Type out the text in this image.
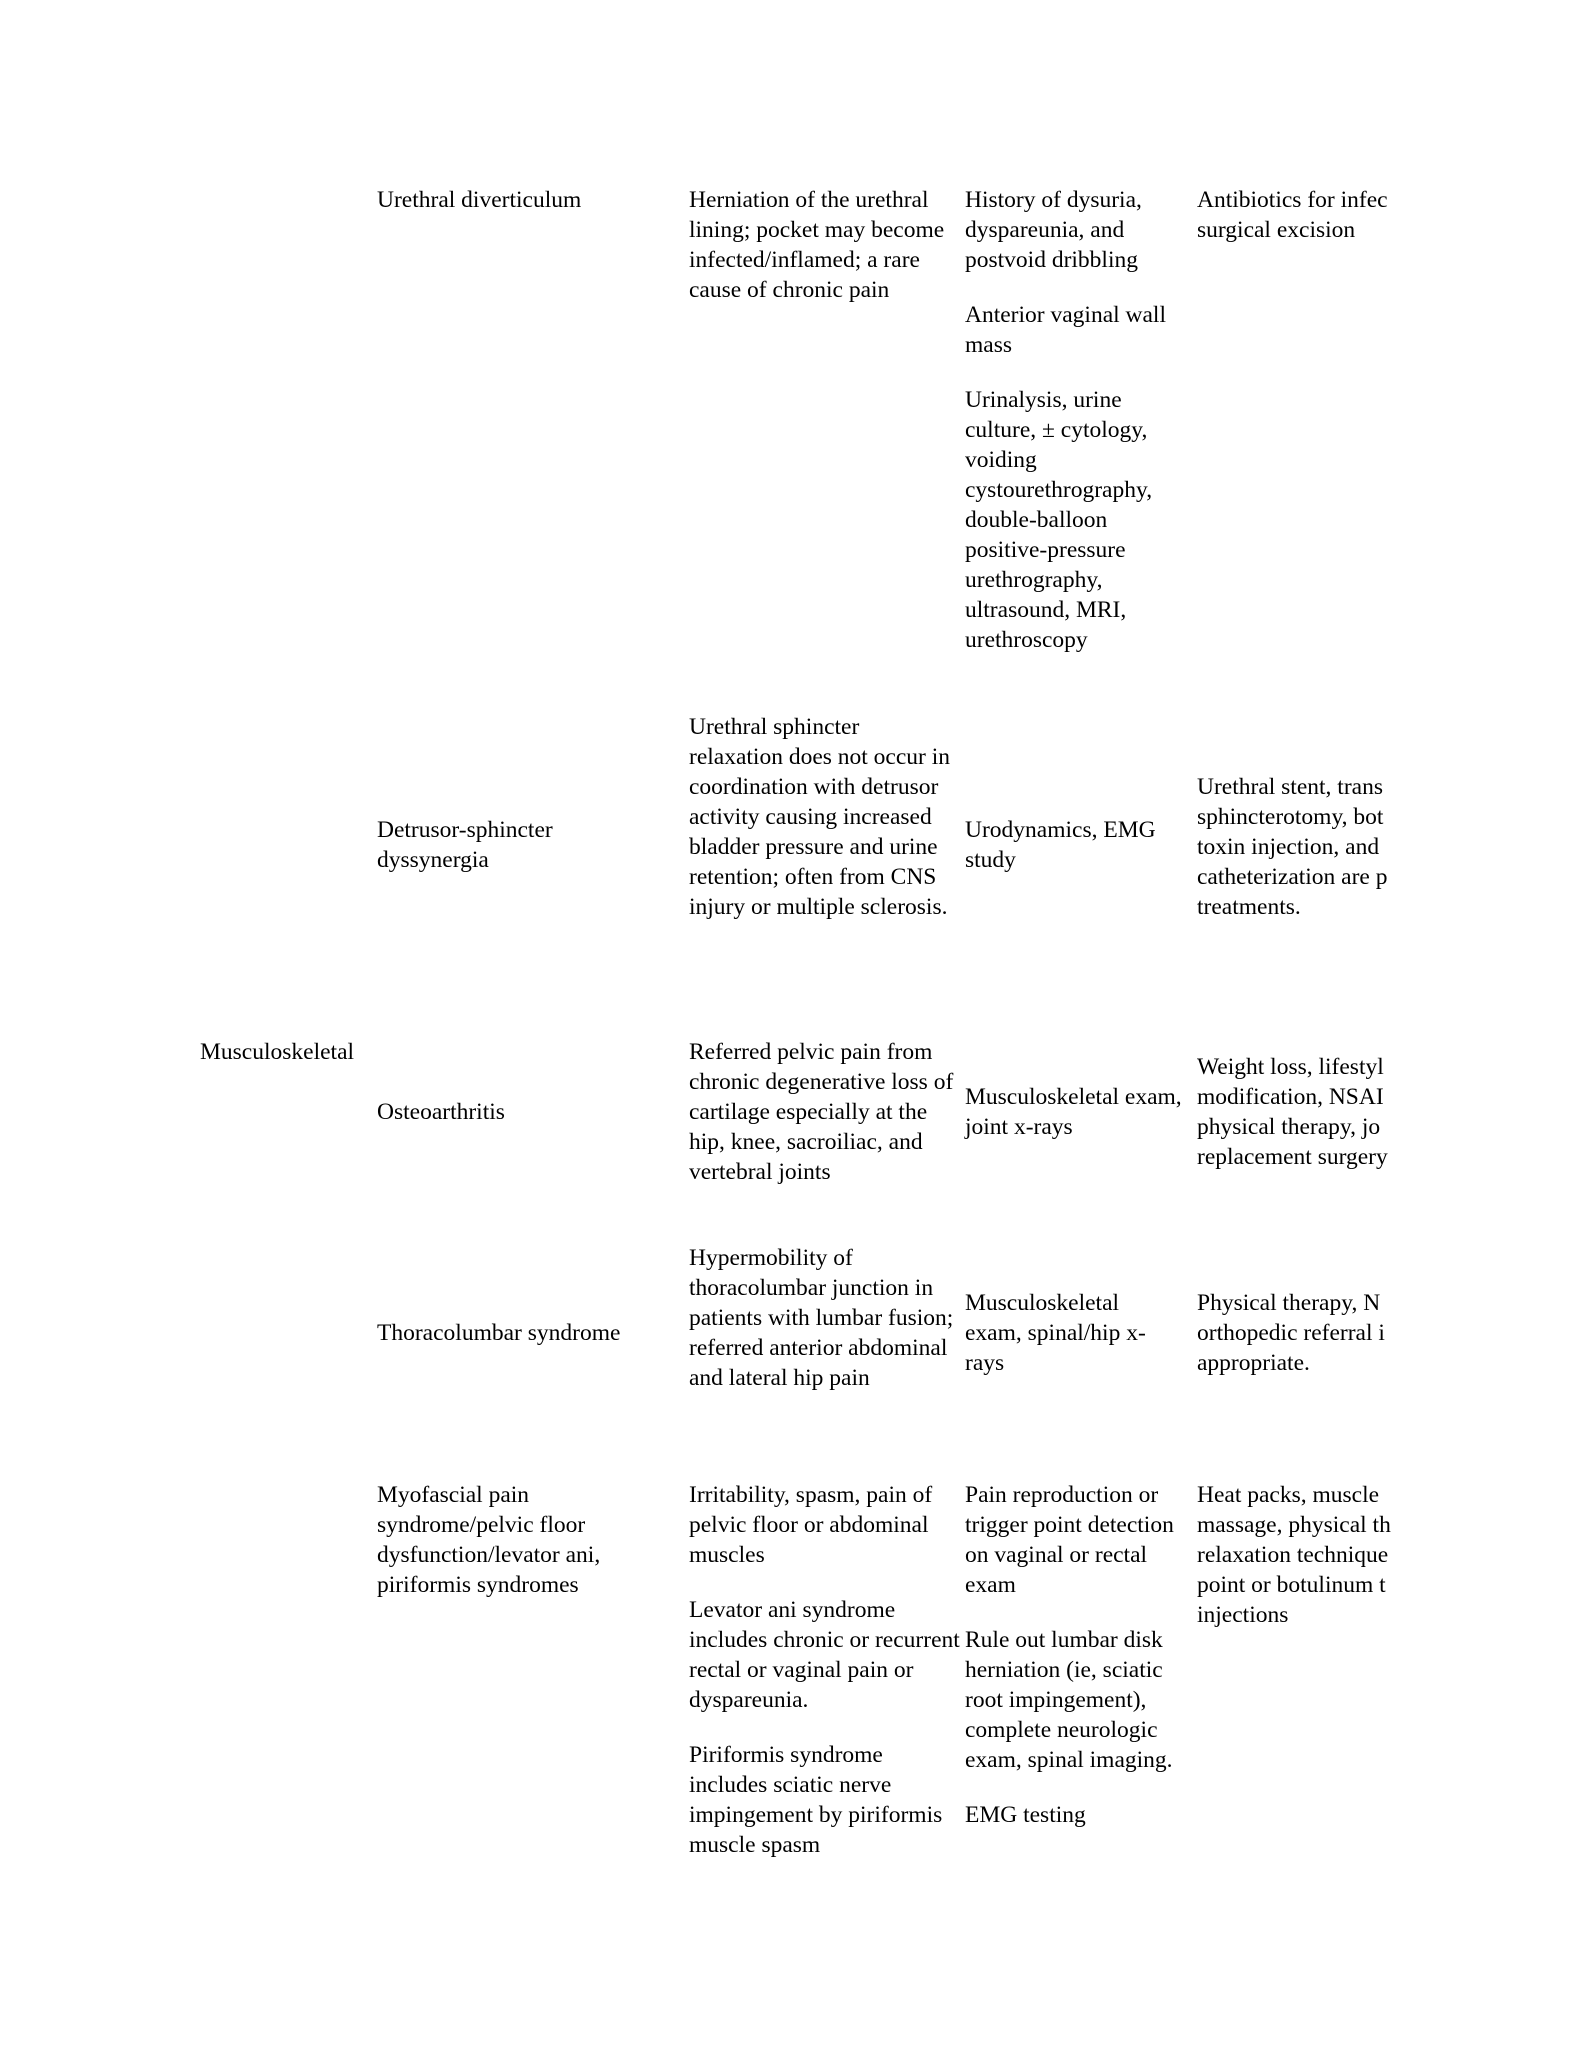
Urethral diverticulum	Herniation of the urethral lining; pocket may become infected/inflamed; a rare cause of chronic pain

History of dysuria, dyspareunia, and postvoid dribbling

Anterior vaginal wall mass

Urinalysis, urine culture, ± cytology, voiding cystourethrography, double-balloon positive-pressure urethrography, ultrasound, MRI, urethroscopy

Antibiotics for infec
surgical excision
Detrusor-sphincter dyssynergia

Urethral sphincter relaxation does not occur in coordination with detrusor activity causing increased bladder pressure and urine retention; often from CNS injury or multiple sclerosis.

Urodynamics, EMG study

Urethral stent, trans
sphincterotomy, bot
toxin injection, and
catheterization are p
treatments.
Musculoskeletal
Osteoarthritis

Referred pelvic pain from chronic degenerative loss of cartilage especially at the hip, knee, sacroiliac, and vertebral joints

Musculoskeletal exam, joint x-rays

Weight loss, lifestyl
modification, NSAI
physical therapy, jo
replacement surgery
Thoracolumbar syndrome

Hypermobility of thoracolumbar junction in patients with lumbar fusion; referred anterior abdominal and lateral hip pain

Musculoskeletal exam, spinal/hip x-rays

Physical therapy, N
orthopedic referral i
appropriate.
Myofascial pain syndrome/pelvic floor dysfunction/levator ani, piriformis syndromes

Irritability, spasm, pain of pelvic floor or abdominal muscles

Levator ani syndrome includes chronic or recurrent rectal or vaginal pain or dyspareunia.

Piriformis syndrome includes sciatic nerve impingement by piriformis muscle spasm

Pain reproduction or trigger point detection on vaginal or rectal exam

Rule out lumbar disk herniation (ie, sciatic root impingement), complete neurologic exam, spinal imaging.

EMG testing

Heat packs, muscle
massage, physical th
relaxation technique
point or botulinum t
injections
